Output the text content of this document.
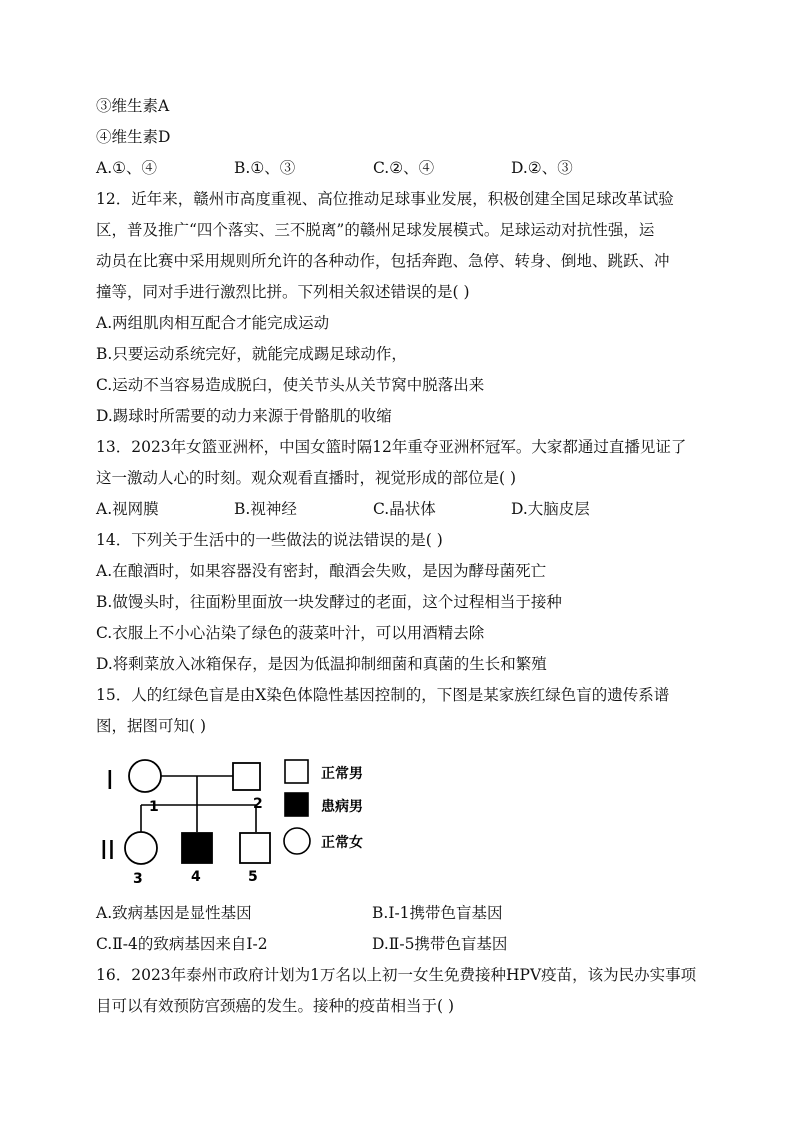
③维生素A
④维生素D
A.①、④	B.①、③	C.②、④	D.②、③
12．近年来，赣州市高度重视、高位推动足球事业发展，积极创建全国足球改革试验
区，普及推广“四个落实、三不脱离”的赣州足球发展模式。足球运动对抗性强，运
动员在比赛中采用规则所允许的各种动作，包括奔跑、急停、转身、倒地、跳跃、冲
撞等，同对手进行激烈比拼。下列相关叙述错误的是( )
A.两组肌肉相互配合才能完成运动
B.只要运动系统完好，就能完成踢足球动作，
C.运动不当容易造成脱臼，使关节头从关节窝中脱落出来
D.踢球时所需要的动力来源于骨骼肌的收缩
13．2023年女篮亚洲杯，中国女篮时隔12年重夺亚洲杯冠军。大家都通过直播见证了
这一激动人心的时刻。观众观看直播时，视觉形成的部位是( )
A.视网膜	B.视神经	C.晶状体	D.大脑皮层
14．下列关于生活中的一些做法的说法错误的是( )
A.在酿酒时，如果容器没有密封，酿酒会失败，是因为酵母菌死亡
B.做馒头时，往面粉里面放一块发酵过的老面，这个过程相当于接种
C.衣服上不小心沾染了绿色的菠菜叶汁，可以用酒精去除
D.将剩菜放入冰箱保存，是因为低温抑制细菌和真菌的生长和繁殖
15．人的红绿色盲是由X染色体隐性基因控制的，下图是某家族红绿色盲的遗传系谱
图，据图可知( )
I
II
1	2
3	4	5
正常男
患病男
正常女
A.致病基因是显性基因	B.I-1携带色盲基因
C.Ⅱ-4的致病基因来自I-2	D.Ⅱ-5携带色盲基因
16．2023年泰州市政府计划为1万名以上初一女生免费接种HPV疫苗，该为民办实事项
目可以有效预防宫颈癌的发生。接种的疫苗相当于( )
